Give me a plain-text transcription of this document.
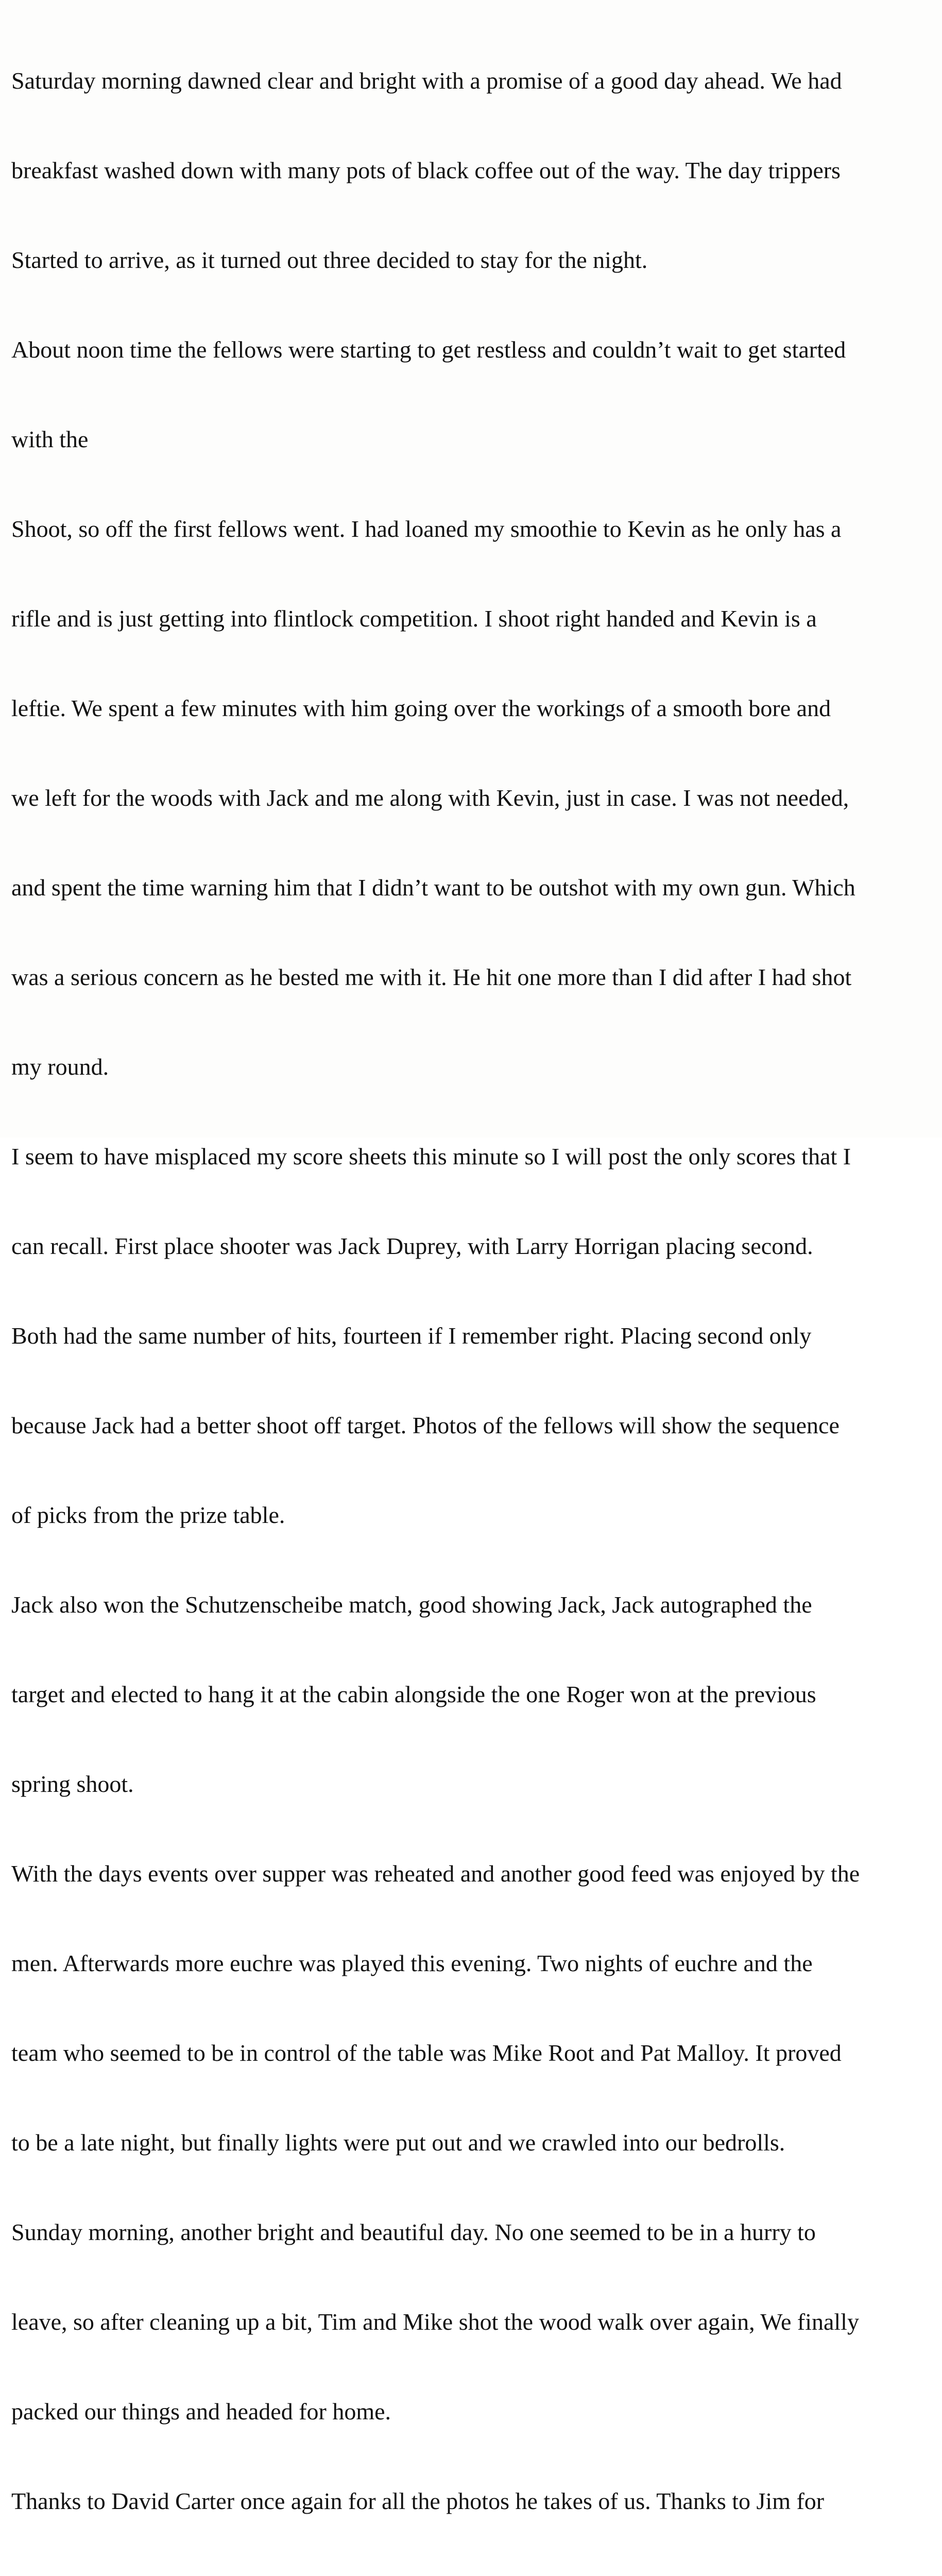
Saturday morning dawned clear and bright with a promise of a good day ahead. We had

breakfast washed down with many pots of black coffee out of the way. The day trippers

Started to arrive, as it turned out three decided to stay for the night.

About noon time the fellows were starting to get restless and couldn’t wait to get started

with the

Shoot, so off the first fellows went. I had loaned my smoothie to Kevin as he only has a

rifle and is just getting into flintlock competition. I shoot right handed and Kevin is a

leftie. We spent a few minutes with him going over the workings of a smooth bore and

we left for the woods with Jack and me along with Kevin, just in case. I was not needed,

and spent the time warning him that I didn’t want to be outshot with my own gun. Which

was a serious concern as he bested me with it. He hit one more than I did after I had shot

my round.

I seem to have misplaced my score sheets this minute so I will post the only scores that I

can recall. First place shooter was Jack Duprey, with Larry Horrigan placing second.

Both had the same number of hits, fourteen if I remember right. Placing second only

because Jack had a better shoot off target. Photos of the fellows will show the sequence

of picks from the prize table.

Jack also won the Schutzenscheibe match, good showing Jack, Jack autographed the

target and elected to hang it at the cabin alongside the one Roger won at the previous

spring shoot.

With the days events over supper was reheated and another good feed was enjoyed by the

men. Afterwards more euchre was played this evening. Two nights of euchre and the

team who seemed to be in control of the table was Mike Root and Pat Malloy. It proved

to be a late night, but finally lights were put out and we crawled into our bedrolls.

Sunday morning, another bright and beautiful day. No one seemed to be in a hurry to

leave, so after cleaning up a bit, Tim and Mike shot the wood walk over again, We finally

packed our things and headed for home.

Thanks to David Carter once again for all the photos he takes of us. Thanks to Jim for
